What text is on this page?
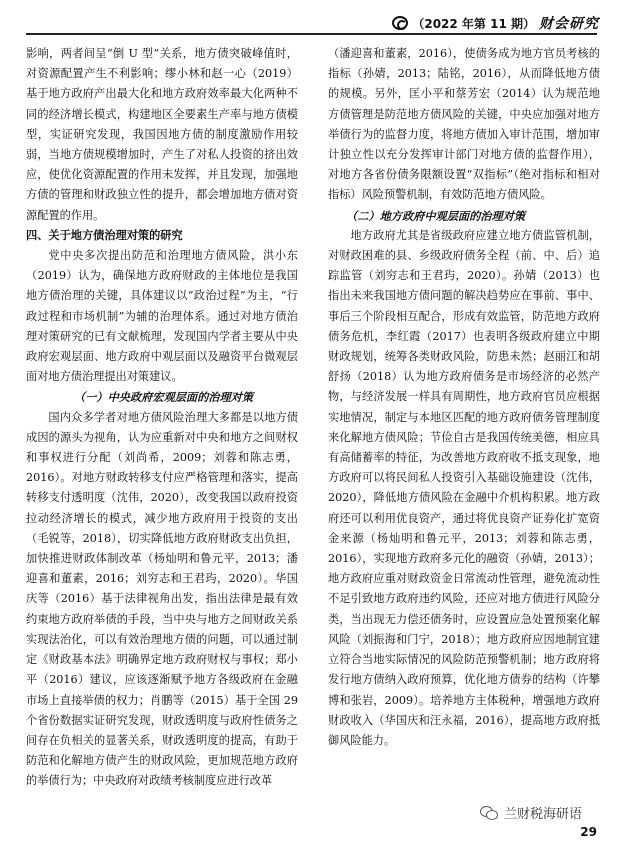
（2022 年第 11 期） 财会研究

影响，两者间呈“倒 U 型”关系，地方债突破峰值时，对资源配置产生不利影响；缪小林和赵一心（2019）基于地方政府产出最大化和地方政府效率最大化两种不同的经济增长模式，构建地区全要素生产率与地方债模型，实证研究发现，我国因地方债的制度激励作用较弱，当地方债规模增加时，产生了对私人投资的挤出效应，使优化资源配置的作用未发挥，并且发现，加强地方债的管理和财政独立性的提升，都会增加地方债对资源配置的作用。

四、关于地方债治理对策的研究

党中央多次提出防范和治理地方债风险，洪小东（2019）认为，确保地方政府财政的主体地位是我国地方债治理的关键，具体建议以“政治过程”为主，“行政过程和市场机制”为辅的治理体系。通过对地方债治理对策研究的已有文献梳理，发现国内学者主要从中央政府宏观层面、地方政府中观层面以及融资平台微观层面对地方债治理提出对策建议。

（一）中央政府宏观层面的治理对策

国内众多学者对地方债风险治理大多都是以地方债成因的源头为视角，认为应重新对中央和地方之间财权和事权进行分配（刘尚希，2009；刘蓉和陈志勇，2016）。对地方财政转移支付应严格管理和落实，提高转移支付透明度（沈伟，2020），改变我国以政府投资拉动经济增长的模式，减少地方政府用于投资的支出（毛锐等，2018），切实降低地方政府财政支出负担，加快推进财政体制改革（杨灿明和鲁元平，2013；潘迎喜和董素，2016；刘穷志和王君玙，2020）。华国庆等（2016）基于法律视角出发，指出法律是最有效约束地方政府举债的手段，当中央与地方之间财政关系实现法治化，可以有效治理地方债的问题，可以通过制定《财政基本法》明确界定地方政府财权与事权；郑小平（2016）建议，应该逐渐赋予地方各级政府在金融市场上直接举债的权力；肖鹏等（2015）基于全国 29 个省份数据实证研究发现，财政透明度与政府性债务之间存在负相关的显著关系，财政透明度的提高，有助于防范和化解地方债产生的财政风险，更加规范地方政府的举债行为；中央政府对政绩考核制度应进行改革

（潘迎喜和董素，2016），使债务成为地方官员考核的指标（孙婧，2013；陆铭，2016），从而降低地方债的规模。另外，匡小平和蔡芳宏（2014）认为规范地方债管理是防范地方债风险的关键，中央应加强对地方举债行为的监督力度，将地方债加入审计范围，增加审计独立性以充分发挥审计部门对地方债的监督作用），对地方各省份债务限额设置“双指标”（绝对指标和相对指标）风险预警机制，有效防范地方债风险。

（二）地方政府中观层面的治理对策

地方政府尤其是省级政府应建立地方债监管机制，对财政困难的县、乡级政府债务全程（前、中、后）追踪监管（刘穷志和王君玙，2020）。孙婧（2013）也指出未来我国地方债问题的解决趋势应在事前、事中、事后三个阶段相互配合，形成有效监管，防范地方政府债务危机，李红霞（2017）也表明各级政府建立中期财政规划，统筹各类财政风险，防患未然；赵丽江和胡舒扬（2018）认为地方政府债务是市场经济的必然产物，与经济发展一样具有周期性，地方政府官员应根据实地情况，制定与本地区匹配的地方政府债务管理制度来化解地方债风险；节俭自古是我国传统美德，相应具有高储蓄率的特征，为改善地方政府收不抵支现象，地方政府可以将民间私人投资引入基础设施建设（沈伟，2020），降低地方债风险在金融中介机构积累。地方政府还可以利用优良资产，通过将优良资产证券化扩宽资金来源（杨灿明和鲁元平，2013；刘蓉和陈志勇，2016），实现地方政府多元化的融资（孙婧，2013）；地方政府应重对财政资金日常流动性管理，避免流动性不足引致地方政府违约风险，还应对地方债进行风险分类，当出现无力偿还债务时，应设置应急处置预案化解风险（刘振海和门宁，2018）；地方政府应因地制宜建立符合当地实际情况的风险防范预警机制；地方政府将发行地方债纳入政府预算，优化地方债券的结构（许攀博和张岩，2009）。培养地方主体税种，增强地方政府财政收入（华国庆和汪永福，2016），提高地方政府抵御风险能力。

兰财税海研语
29
